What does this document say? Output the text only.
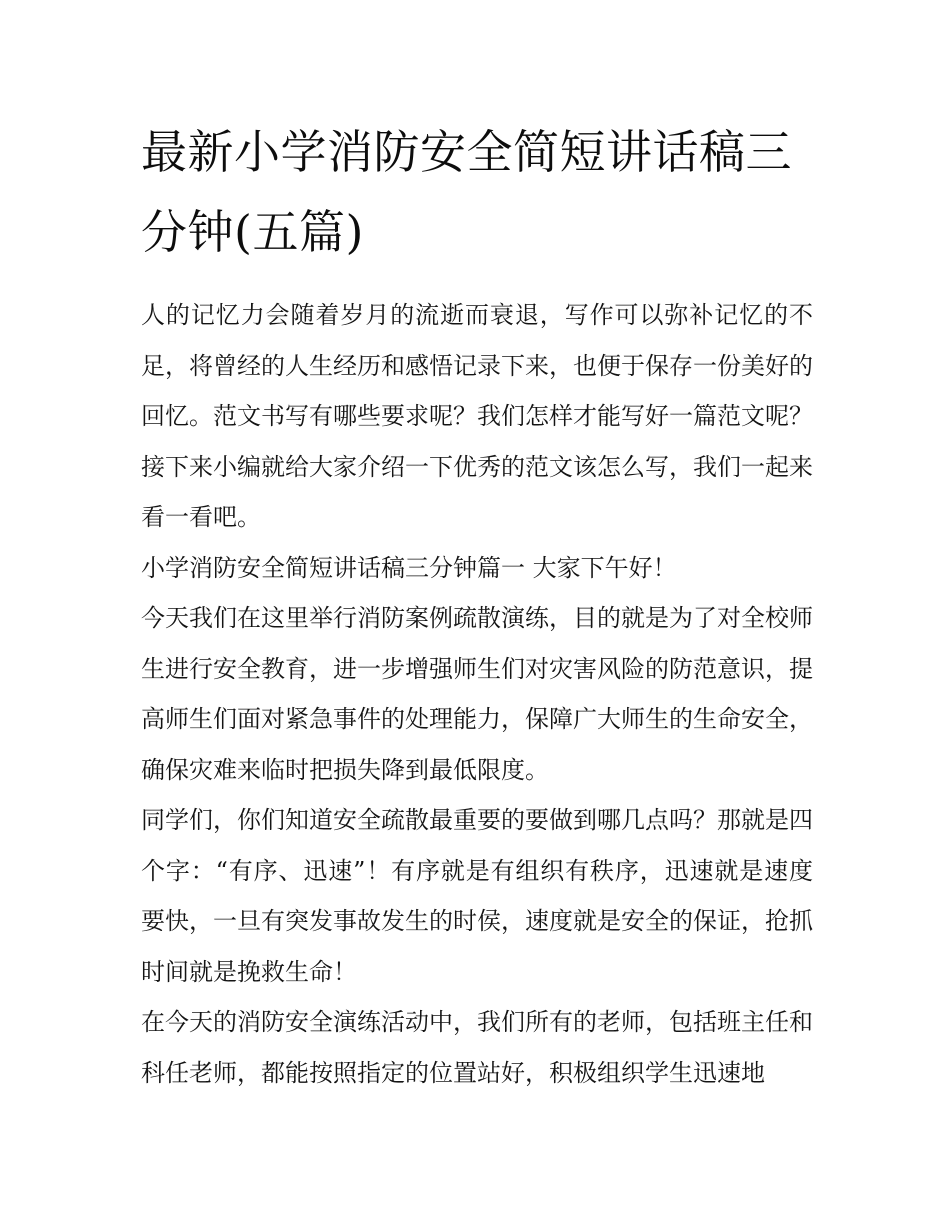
最新小学消防安全简短讲话稿三分钟(五篇)

人的记忆力会随着岁月的流逝而衰退，写作可以弥补记忆的不足，将曾经的人生经历和感悟记录下来，也便于保存一份美好的回忆。范文书写有哪些要求呢？我们怎样才能写好一篇范文呢？接下来小编就给大家介绍一下优秀的范文该怎么写，我们一起来看一看吧。

小学消防安全简短讲话稿三分钟篇一 大家下午好！

今天我们在这里举行消防案例疏散演练，目的就是为了对全校师生进行安全教育，进一步增强师生们对灾害风险的防范意识，提高师生们面对紧急事件的处理能力，保障广大师生的生命安全，确保灾难来临时把损失降到最低限度。

同学们，你们知道安全疏散最重要的要做到哪几点吗？那就是四个字：“有序、迅速”！有序就是有组织有秩序，迅速就是速度要快，一旦有突发事故发生的时侯，速度就是安全的保证，抢抓时间就是挽救生命！

在今天的消防安全演练活动中，我们所有的老师，包括班主任和科任老师，都能按照指定的位置站好，积极组织学生迅速地
